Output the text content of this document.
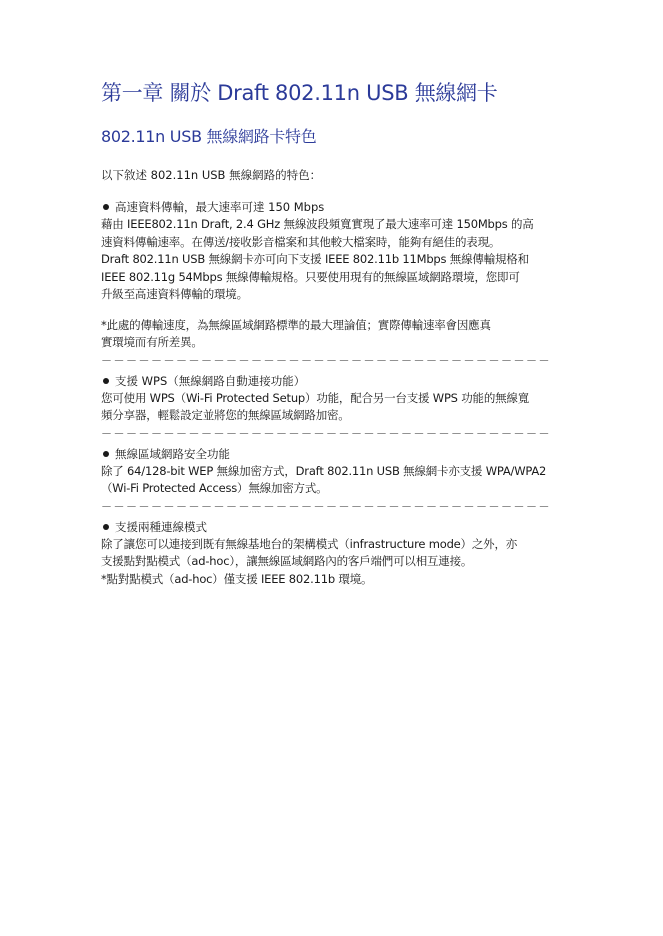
第一章 關於 Draft 802.11n USB 無線網卡
802.11n USB 無線網路卡特色

以下敘述 802.11n USB 無線網路的特色：

高速資料傳輸，最大速率可達 150 Mbps

藉由 IEEE802.11n Draft, 2.4 GHz 無線波段頻寬實現了最大速率可達 150Mbps 的高

速資料傳輸速率。在傳送/接收影音檔案和其他較大檔案時，能夠有絕佳的表現。

Draft 802.11n USB 無線網卡亦可向下支援 IEEE 802.11b 11Mbps 無線傳輸規格和

IEEE 802.11g 54Mbps 無線傳輸規格。只要使用現有的無線區域網路環境，您即可

升級至高速資料傳輸的環境。

*此處的傳輸速度，為無線區域網路標準的最大理論值；實際傳輸速率會因應真

實環境而有所差異。

－－－－－－－－－－－－－－－－－－－－－－－－－－－－－－－－－－－－

支援 WPS（無線網路自動連接功能）

您可使用 WPS（Wi-Fi Protected Setup）功能，配合另一台支援 WPS 功能的無線寬

頻分享器，輕鬆設定並將您的無線區域網路加密。

－－－－－－－－－－－－－－－－－－－－－－－－－－－－－－－－－－－－

無線區域網路安全功能

除了 64/128-bit WEP 無線加密方式，Draft 802.11n USB 無線網卡亦支援 WPA/WPA2

（Wi-Fi Protected Access）無線加密方式。

－－－－－－－－－－－－－－－－－－－－－－－－－－－－－－－－－－－－

支援兩種連線模式

除了讓您可以連接到既有無線基地台的架構模式（infrastructure mode）之外，亦

支援點對點模式（ad-hoc），讓無線區域網路內的客戶端們可以相互連接。

*點對點模式（ad-hoc）僅支援 IEEE 802.11b 環境。
